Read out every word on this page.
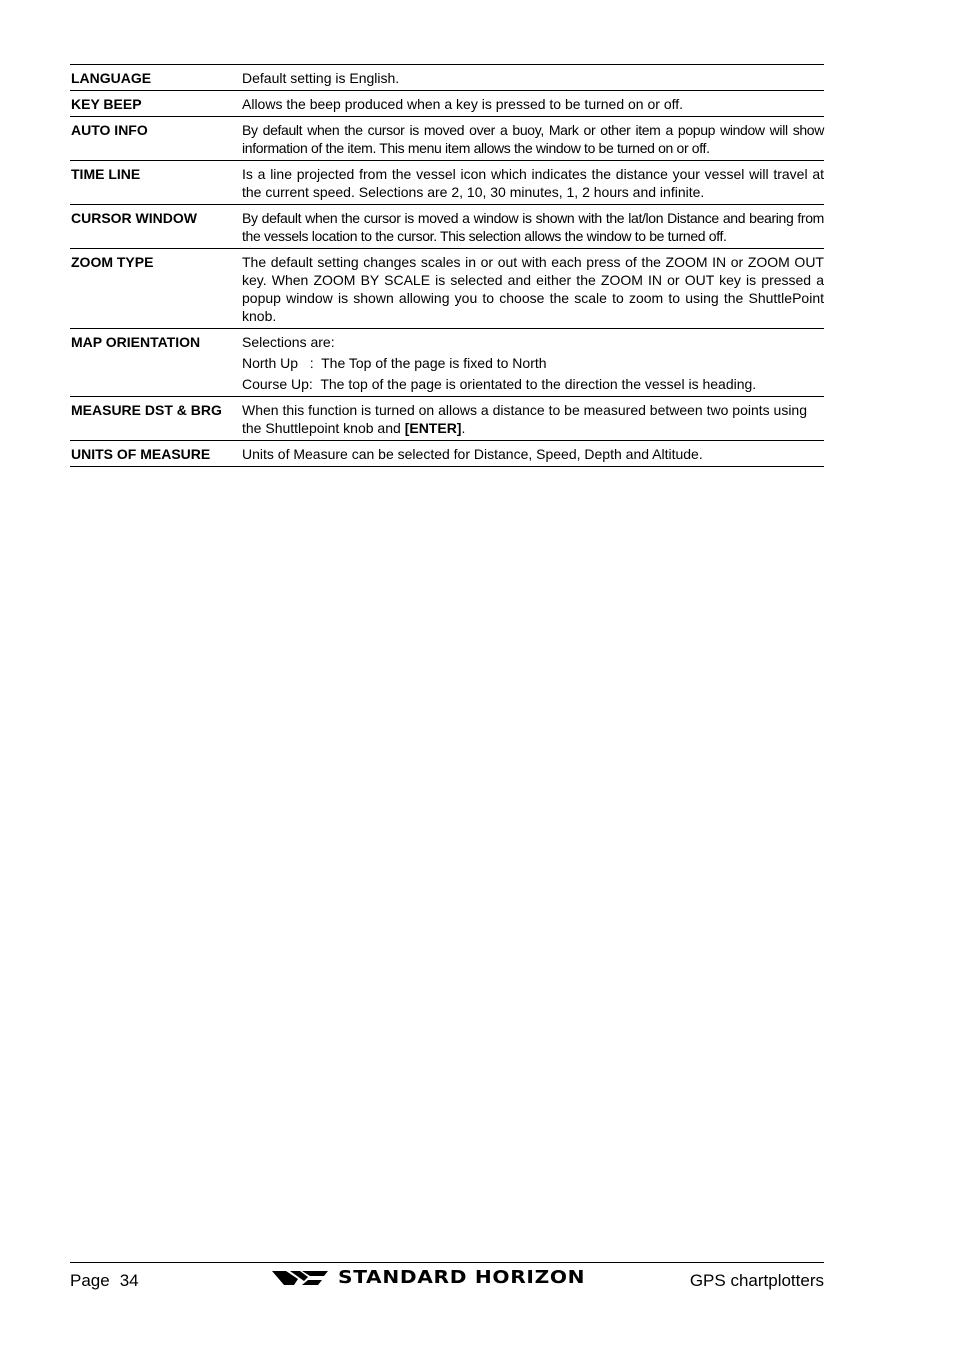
LANGUAGE	Default setting is English.

KEY BEEP	Allows the beep produced when a key is pressed to be turned on or off.

AUTO INFO	By default when the cursor is moved over a buoy, Mark or other item a popup window will show information of the item. This menu item allows the window to be turned on or off.

TIME LINE	Is a line projected from the vessel icon which indicates the distance your vessel will travel at the current speed. Selections are 2, 10, 30 minutes, 1, 2 hours and infinite.

CURSOR WINDOW	By default when the cursor is moved a window is shown with the lat/lon Distance and bearing from the vessels location to the cursor. This selection allows the window to be turned off.

ZOOM TYPE	The default setting changes scales in or out with each press of the ZOOM IN or ZOOM OUT key. When ZOOM BY SCALE is selected and either the ZOOM IN or OUT key is pressed a popup window is shown allowing you to choose the scale to zoom to using the ShuttlePoint knob.

MAP ORIENTATION	Selections are:

North Up   :  The Top of the page is fixed to North

Course Up:  The top of the page is orientated to the direction the vessel is heading.

MEASURE DST & BRG	When this function is turned on allows a distance to be measured between two points using the Shuttlepoint knob and [ENTER].

UNITS OF MEASURE	Units of Measure can be selected for Distance, Speed, Depth and Altitude.

Page 34	STANDARD HORIZON	GPS chartplotters
